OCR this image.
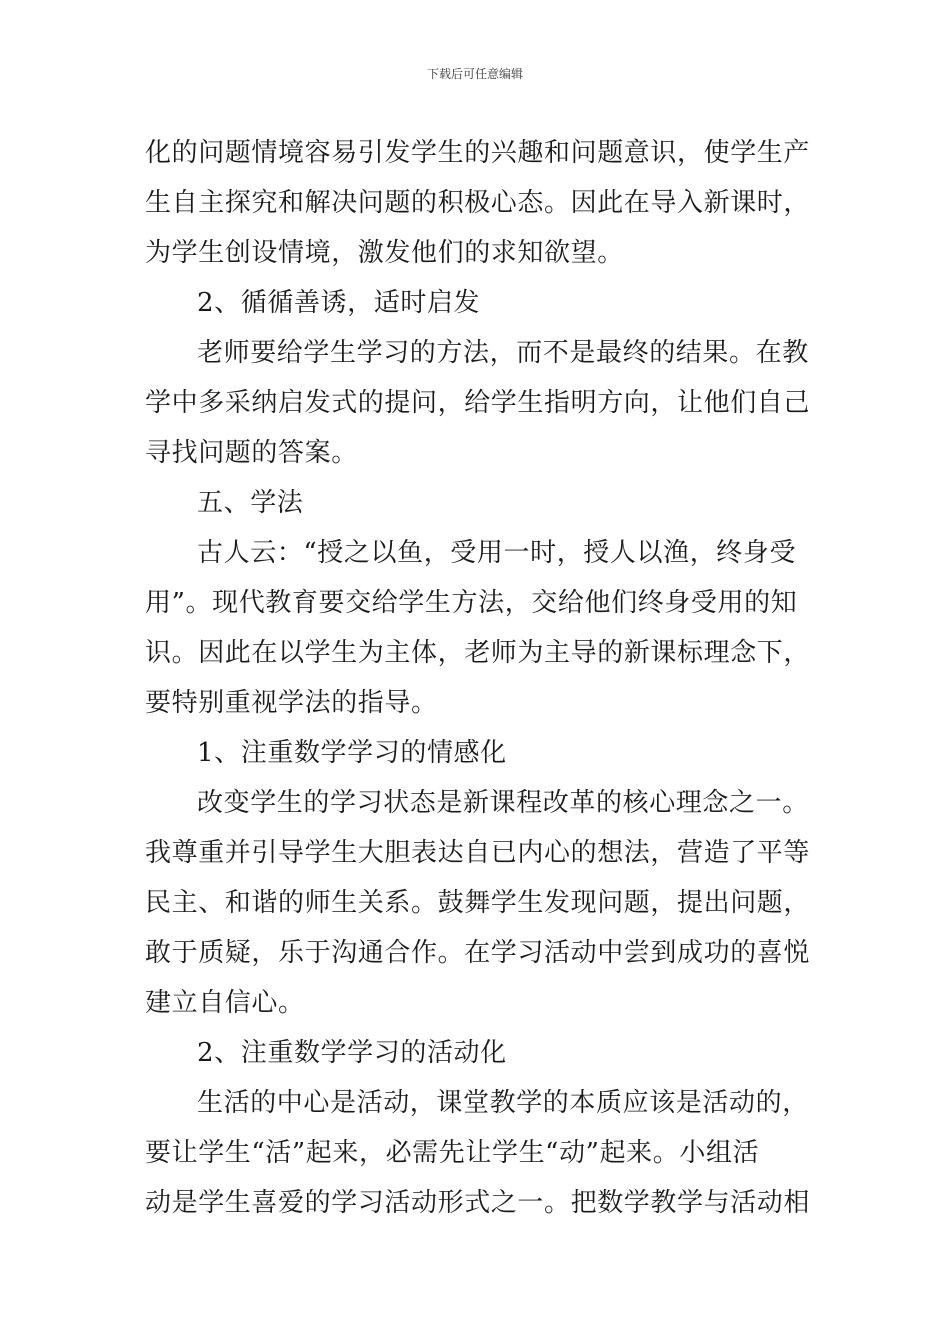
下载后可任意编辑
化的问题情境容易引发学生的兴趣和问题意识，使学生产
生自主探究和解决问题的积极心态。因此在导入新课时，
为学生创设情境，激发他们的求知欲望。
2、循循善诱，适时启发
老师要给学生学习的方法，而不是最终的结果。在教
学中多采纳启发式的提问，给学生指明方向，让他们自己
寻找问题的答案。
五、学法
古人云：“授之以鱼，受用一时，授人以渔，终身受
用”。现代教育要交给学生方法，交给他们终身受用的知
识。因此在以学生为主体，老师为主导的新课标理念下，
要特别重视学法的指导。
1、注重数学学习的情感化
改变学生的学习状态是新课程改革的核心理念之一。
我尊重并引导学生大胆表达自已内心的想法，营造了平等
民主、和谐的师生关系。鼓舞学生发现问题，提出问题，
敢于质疑，乐于沟通合作。在学习活动中尝到成功的喜悦
建立自信心。
2、注重数学学习的活动化
生活的中心是活动，课堂教学的本质应该是活动的，
要让学生“活”起来，必需先让学生“动”起来。小组活
动是学生喜爱的学习活动形式之一。把数学教学与活动相
